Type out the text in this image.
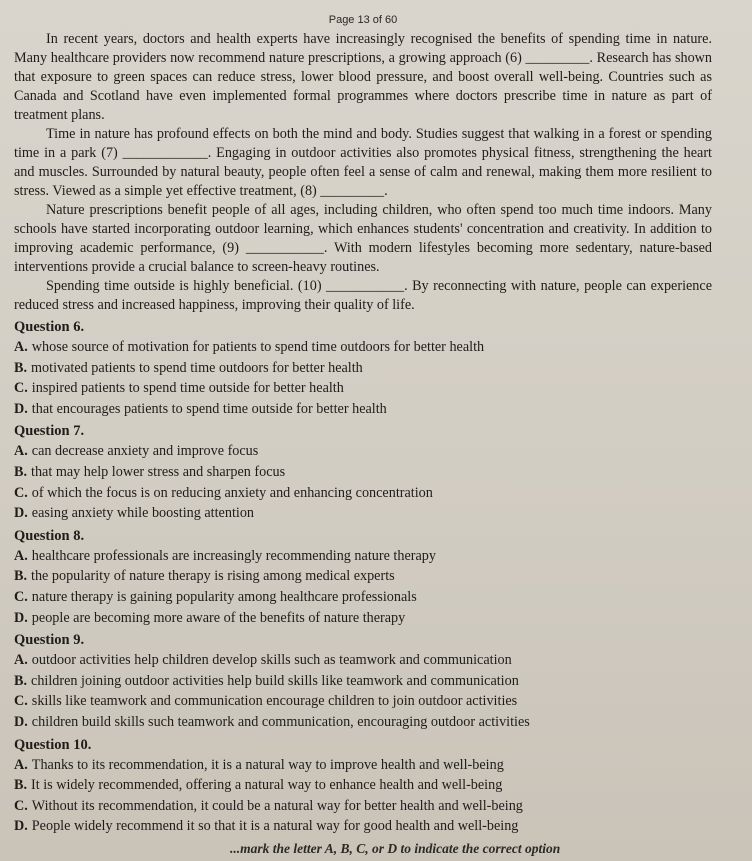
Page 13 of 60

In recent years, doctors and health experts have increasingly recognised the benefits of spending time in nature. Many healthcare providers now recommend nature prescriptions, a growing approach (6) _________. Research has shown that exposure to green spaces can reduce stress, lower blood pressure, and boost overall well-being. Countries such as Canada and Scotland have even implemented formal programmes where doctors prescribe time in nature as part of treatment plans.

Time in nature has profound effects on both the mind and body. Studies suggest that walking in a forest or spending time in a park (7) ____________. Engaging in outdoor activities also promotes physical fitness, strengthening the heart and muscles. Surrounded by natural beauty, people often feel a sense of calm and renewal, making them more resilient to stress. Viewed as a simple yet effective treatment, (8) _________.

Nature prescriptions benefit people of all ages, including children, who often spend too much time indoors. Many schools have started incorporating outdoor learning, which enhances students' concentration and creativity. In addition to improving academic performance, (9) ___________. With modern lifestyles becoming more sedentary, nature-based interventions provide a crucial balance to screen-heavy routines.

Spending time outside is highly beneficial. (10) ___________. By reconnecting with nature, people can experience reduced stress and increased happiness, improving their quality of life.

Question 6.

A. whose source of motivation for patients to spend time outdoors for better health

B. motivated patients to spend time outdoors for better health

C. inspired patients to spend time outside for better health

D. that encourages patients to spend time outside for better health

Question 7.

A. can decrease anxiety and improve focus

B. that may help lower stress and sharpen focus

C. of which the focus is on reducing anxiety and enhancing concentration

D. easing anxiety while boosting attention

Question 8.

A. healthcare professionals are increasingly recommending nature therapy

B. the popularity of nature therapy is rising among medical experts

C. nature therapy is gaining popularity among healthcare professionals

D. people are becoming more aware of the benefits of nature therapy

Question 9.

A. outdoor activities help children develop skills such as teamwork and communication

B. children joining outdoor activities help build skills like teamwork and communication

C. skills like teamwork and communication encourage children to join outdoor activities

D. children build skills such teamwork and communication, encouraging outdoor activities

Question 10.

A. Thanks to its recommendation, it is a natural way to improve health and well-being

B. It is widely recommended, offering a natural way to enhance health and well-being

C. Without its recommendation, it could be a natural way for better health and well-being

D. People widely recommend it so that it is a natural way for good health and well-being

...mark the letter A, B, C, or D to indicate the correct option
